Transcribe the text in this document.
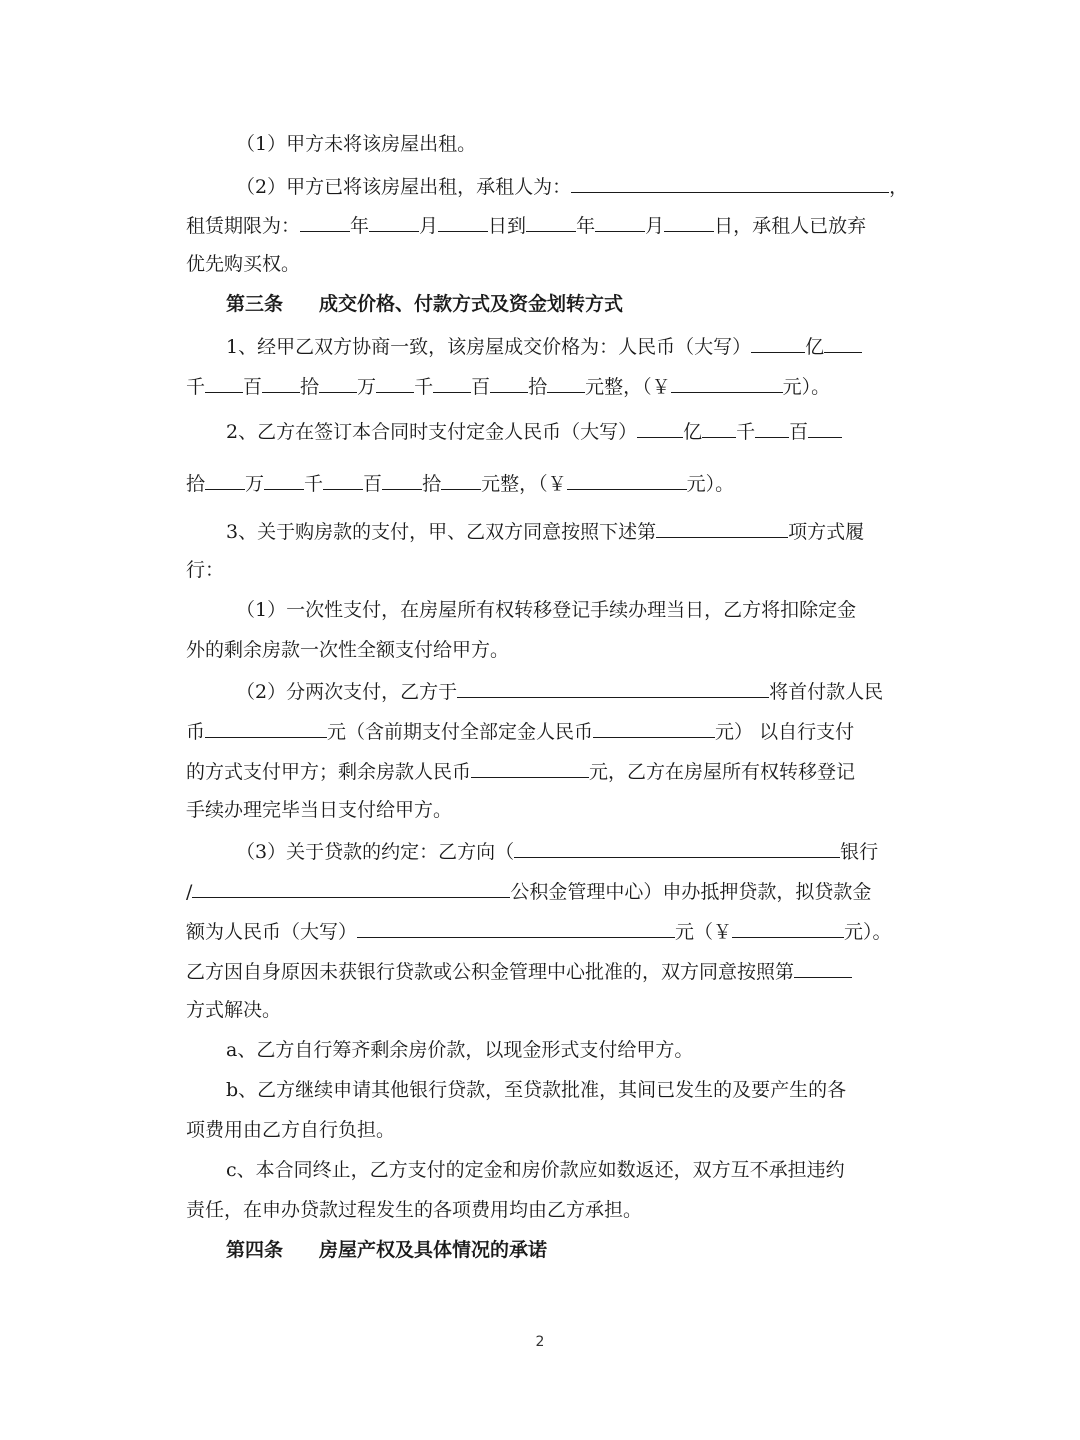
（1）甲方未将该房屋出租。
（2）甲方已将该房屋出租，承租人为：	，
租赁期限为：	年	月	日到	年	月	日，承租人已放弃
优先购买权。
第三条 成交价格、付款方式及资金划转方式
1、经甲乙双方协商一致，该房屋成交价格为：人民币（大写）	亿
千 百 拾 万 千 百 拾 元整，（￥	元）。
2、乙方在签订本合同时支付定金人民币（大写） 亿 千 百
拾 万 千 百 拾 元整，（￥	元）。
3、关于购房款的支付，甲、乙双方同意按照下述第	项方式履
行：
（1）一次性支付，在房屋所有权转移登记手续办理当日，乙方将扣除定金
外的剩余房款一次性全额支付给甲方。
（2）分两次支付，乙方于	将首付款人民
币	元（含前期支付全部定金人民币	元） 以自行支付
的方式支付甲方；剩余房款人民币	元，乙方在房屋所有权转移登记
手续办理完毕当日支付给甲方。
（3）关于贷款的约定：乙方向（	银行
/	公积金管理中心）申办抵押贷款，拟贷款金
额为人民币（大写）	元（￥	元）。
乙方因自身原因未获银行贷款或公积金管理中心批准的，双方同意按照第
方式解决。
a、乙方自行筹齐剩余房价款，以现金形式支付给甲方。
b、乙方继续申请其他银行贷款，至贷款批准，其间已发生的及要产生的各
项费用由乙方自行负担。
c、本合同终止，乙方支付的定金和房价款应如数返还，双方互不承担违约
责任，在申办贷款过程发生的各项费用均由乙方承担。
第四条 房屋产权及具体情况的承诺
2
